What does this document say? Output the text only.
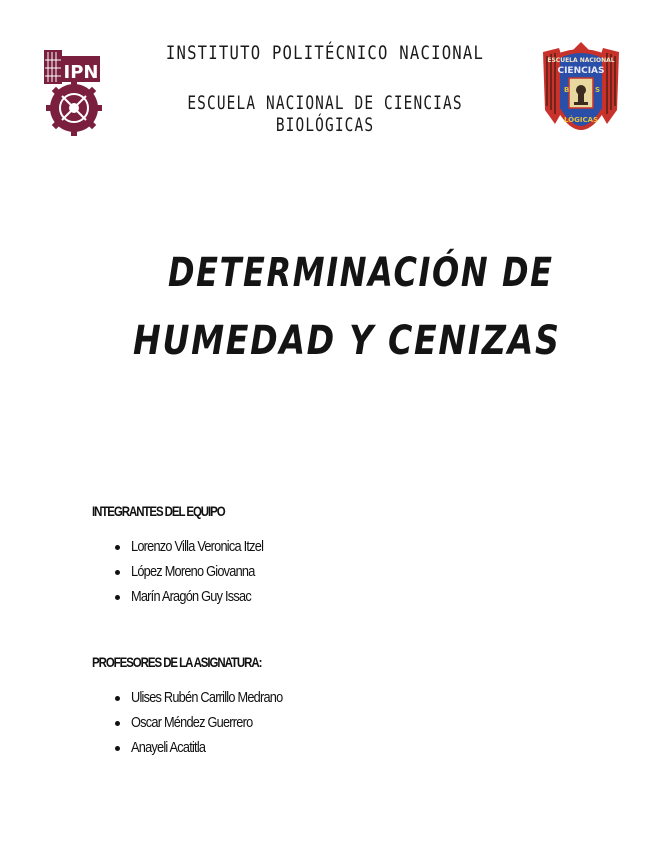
IPN
INSTITUTO POLITÉCNICO NACIONAL
ESCUELA NACIONAL DE CIENCIAS BIOLÓGICAS
ESCUELA NACIONAL
CIENCIAS
LÓGICAS
B	S
DETERMINACIÓN DE
HUMEDAD Y CENIZAS
INTEGRANTES DEL EQUIPO
Lorenzo Villa Veronica Itzel
López Moreno Giovanna
Marín Aragón Guy Issac
PROFESORES DE LA ASIGNATURA:
Ulises Rubén Carrillo Medrano
Oscar Méndez Guerrero
Anayeli Acatitla
